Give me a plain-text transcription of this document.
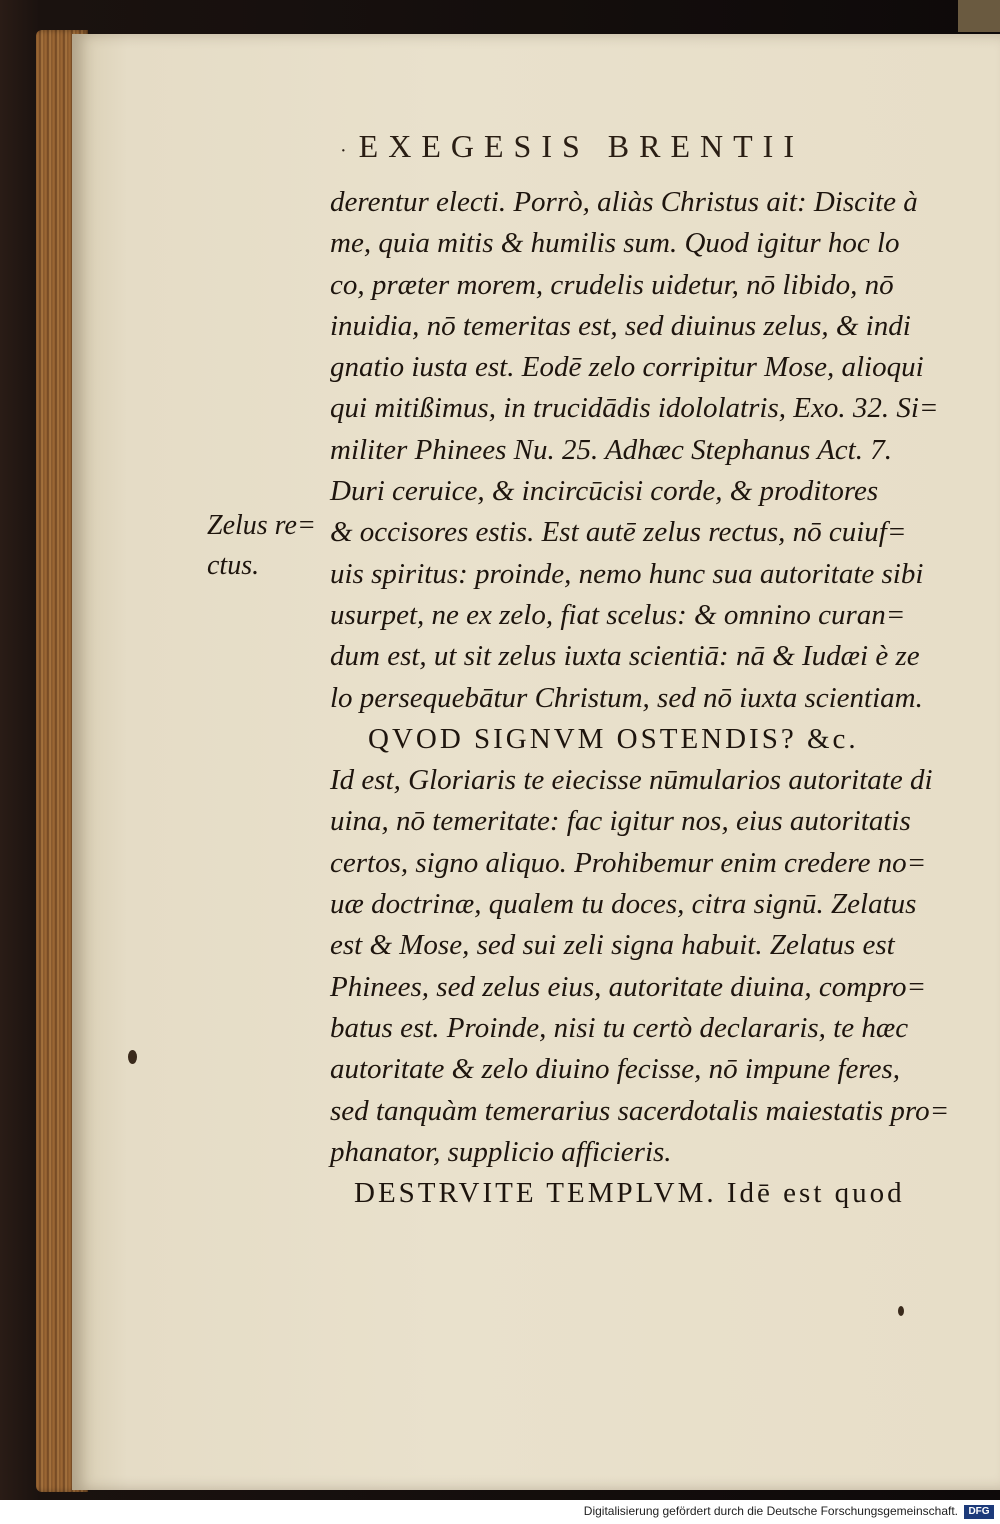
· EXEGESIS BRENTII
Zelus re=
ctus.
derentur electi. Porrò, aliàs Christus ait: Discite à
me, quia mitis & humilis sum. Quod igitur hoc lo
co, præter morem, crudelis uidetur, nō libido, nō
inuidia, nō temeritas est, sed diuinus zelus, & indi
gnatio iusta est. Eodē zelo corripitur Mose, alioqui
qui mitißimus, in trucidādis idololatris, Exo. 32. Si=
militer Phinees Nu. 25. Adhæc Stephanus Act. 7.
Duri ceruice, & incircūcisi corde, & proditores
& occisores estis. Est autē zelus rectus, nō cuiuf=
uis spiritus: proinde, nemo hunc sua autoritate sibi
usurpet, ne ex zelo, fiat scelus: & omnino curan=
dum est, ut sit zelus iuxta scientiā: nā & Iudæi è ze
lo persequebātur Christum, sed nō iuxta scientiam.
QVOD SIGNVM OSTENDIS? &c.
Id est, Gloriaris te eiecisse nūmularios autoritate di
uina, nō temeritate: fac igitur nos, eius autoritatis
certos, signo aliquo. Prohibemur enim credere no=
uæ doctrinæ, qualem tu doces, citra signū. Zelatus
est & Mose, sed sui zeli signa habuit. Zelatus est
Phinees, sed zelus eius, autoritate diuina, compro=
batus est. Proinde, nisi tu certò declararis, te hæc
autoritate & zelo diuino fecisse, nō impune feres,
sed tanquàm temerarius sacerdotalis maiestatis pro=
phanator, supplicio afficieris.
DESTRVITE TEMPLVM. Idē est quod
Digitalisierung gefördert durch die Deutsche Forschungsgemeinschaft.	DFG
